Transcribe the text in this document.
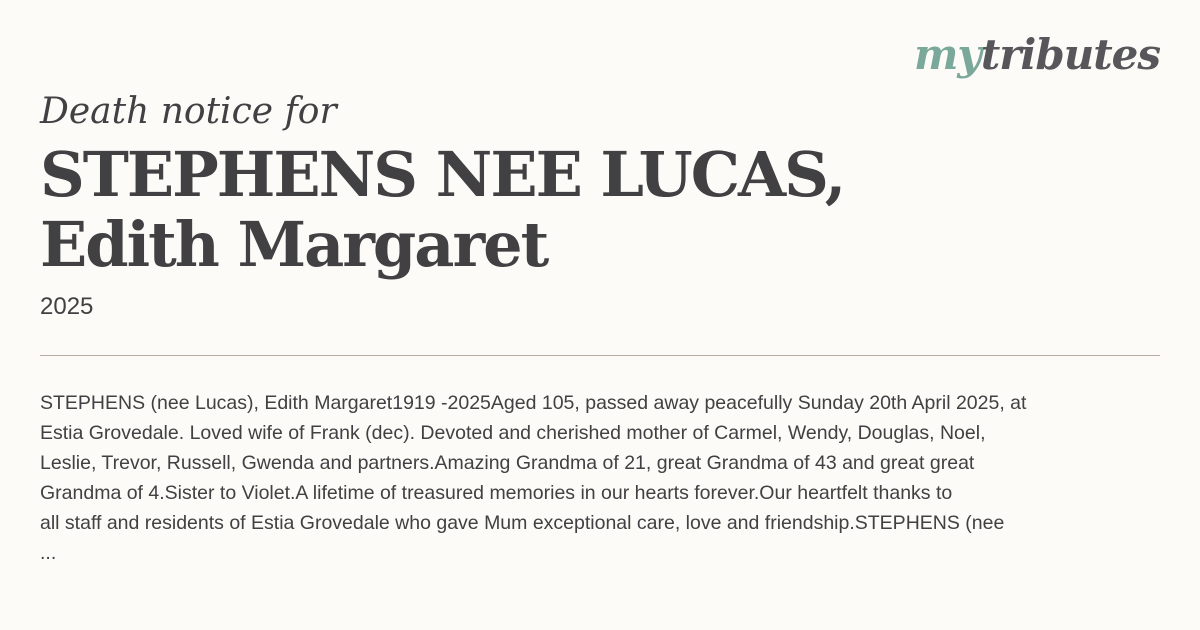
mytributes
Death notice for
STEPHENS NEE LUCAS,
Edith Margaret
2025
STEPHENS (nee Lucas), Edith Margaret1919 -2025Aged 105, passed away peacefully Sunday 20th April 2025, at
Estia Grovedale. Loved wife of Frank (dec). Devoted and cherished mother of Carmel, Wendy, Douglas, Noel,
Leslie, Trevor, Russell, Gwenda and partners.Amazing Grandma of 21, great Grandma of 43 and great great
Grandma of 4.Sister to Violet.A lifetime of treasured memories in our hearts forever.Our heartfelt thanks to
all staff and residents of Estia Grovedale who gave Mum exceptional care, love and friendship.STEPHENS (nee
...
